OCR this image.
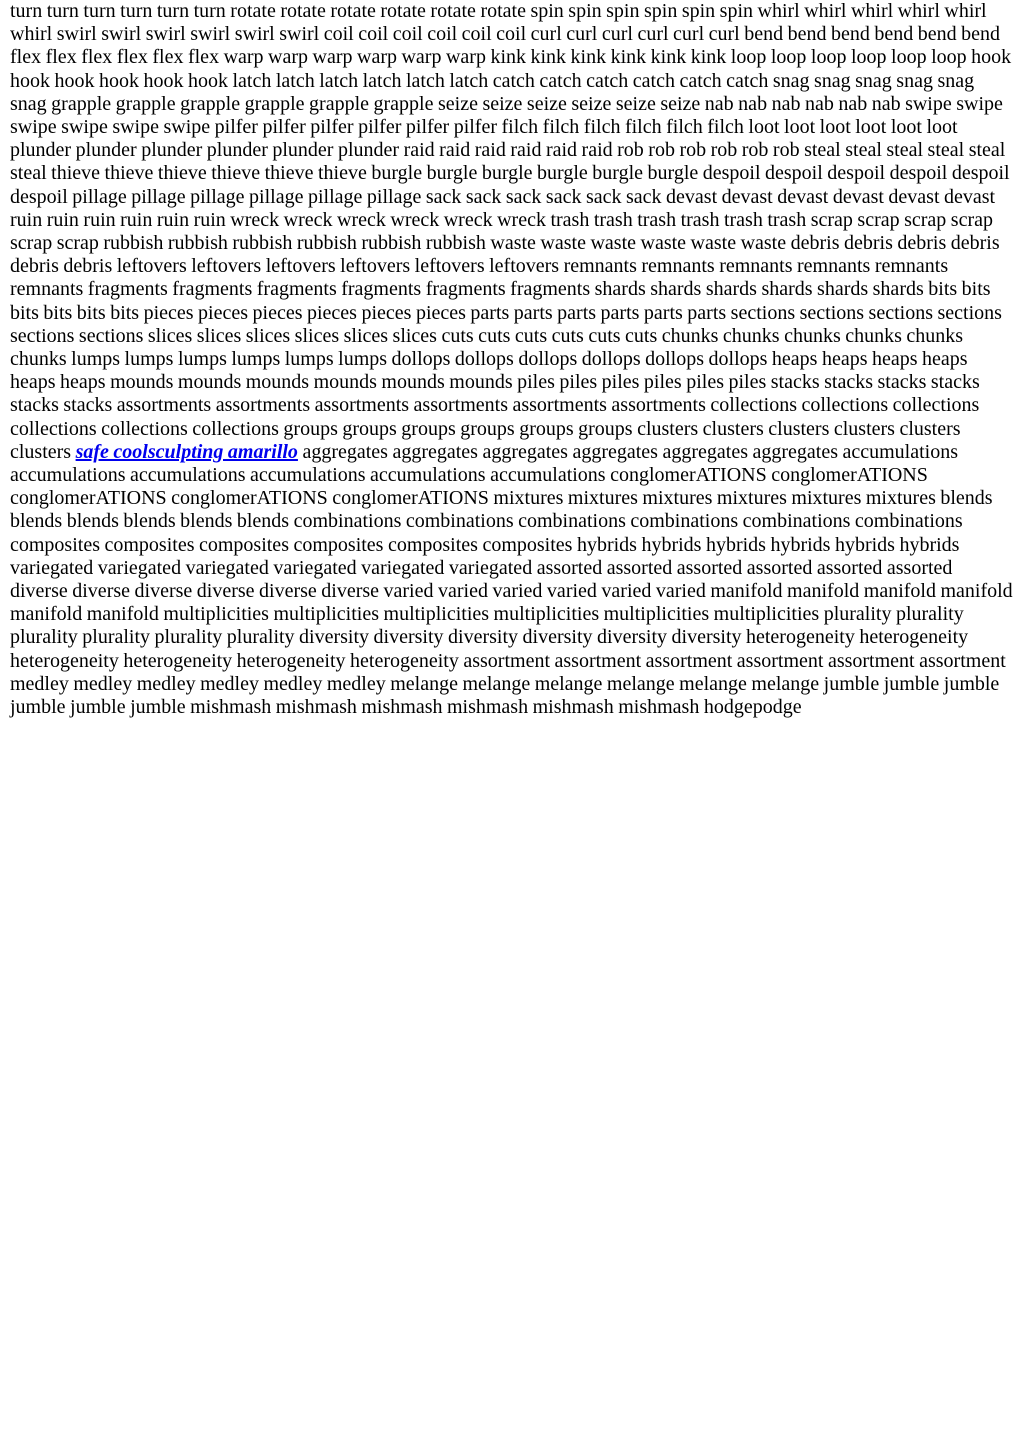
turn turn turn turn turn turn rotate rotate rotate rotate rotate rotate spin spin spin spin spin spin whirl whirl whirl whirl whirl whirl swirl swirl swirl swirl swirl swirl coil coil coil coil coil coil curl curl curl curl curl curl bend bend bend bend bend bend flex flex flex flex flex flex warp warp warp warp warp warp kink kink kink kink kink kink loop loop loop loop loop loop hook hook hook hook hook hook latch latch latch latch latch latch catch catch catch catch catch catch snag snag snag snag snag snag grapple grapple grapple grapple grapple grapple seize seize seize seize seize seize nab nab nab nab nab nab swipe swipe swipe swipe swipe swipe pilfer pilfer pilfer pilfer pilfer pilfer filch filch filch filch filch filch loot loot loot loot loot loot plunder plunder plunder plunder plunder plunder raid raid raid raid raid raid rob rob rob rob rob rob steal steal steal steal steal steal thieve thieve thieve thieve thieve thieve burgle burgle burgle burgle burgle burgle despoil despoil despoil despoil despoil despoil pillage pillage pillage pillage pillage pillage sack sack sack sack sack sack devast devast devast devast devast devast ruin ruin ruin ruin ruin ruin wreck wreck wreck wreck wreck wreck trash trash trash trash trash trash scrap scrap scrap scrap scrap scrap rubbish rubbish rubbish rubbish rubbish rubbish waste waste waste waste waste waste debris debris debris debris debris debris leftovers leftovers leftovers leftovers leftovers leftovers remnants remnants remnants remnants remnants remnants fragments fragments fragments fragments fragments fragments shards shards shards shards shards shards bits bits bits bits bits bits pieces pieces pieces pieces pieces pieces parts parts parts parts parts parts sections sections sections sections sections sections slices slices slices slices slices slices cuts cuts cuts cuts cuts cuts chunks chunks chunks chunks chunks chunks lumps lumps lumps lumps lumps lumps dollops dollops dollops dollops dollops dollops heaps heaps heaps heaps heaps heaps mounds mounds mounds mounds mounds mounds piles piles piles piles piles piles stacks stacks stacks stacks stacks stacks assortments assortments assortments assortments assortments assortments collections collections collections collections collections collections groups groups groups groups groups groups clusters clusters clusters clusters clusters clusters safe coolsculpting amarillo aggregates aggregates aggregates aggregates aggregates aggregates accumulations accumulations accumulations accumulations accumulations accumulations conglomerATIONS conglomerATIONS conglomerATIONS conglomerATIONS conglomerATIONS mixtures mixtures mixtures mixtures mixtures mixtures blends blends blends blends blends blends combinations combinations combinations combinations combinations combinations composites composites composites composites composites composites hybrids hybrids hybrids hybrids hybrids hybrids variegated variegated variegated variegated variegated variegated assorted assorted assorted assorted assorted assorted diverse diverse diverse diverse diverse diverse varied varied varied varied varied varied manifold manifold manifold manifold manifold manifold multiplicities multiplicities multiplicities multiplicities multiplicities multiplicities plurality plurality plurality plurality plurality plurality diversity diversity diversity diversity diversity diversity heterogeneity heterogeneity heterogeneity heterogeneity heterogeneity heterogeneity assortment assortment assortment assortment assortment assortment medley medley medley medley medley medley melange melange melange melange melange melange jumble jumble jumble jumble jumble jumble mishmash mishmash mishmash mishmash mishmash mishmash hodgepodge
